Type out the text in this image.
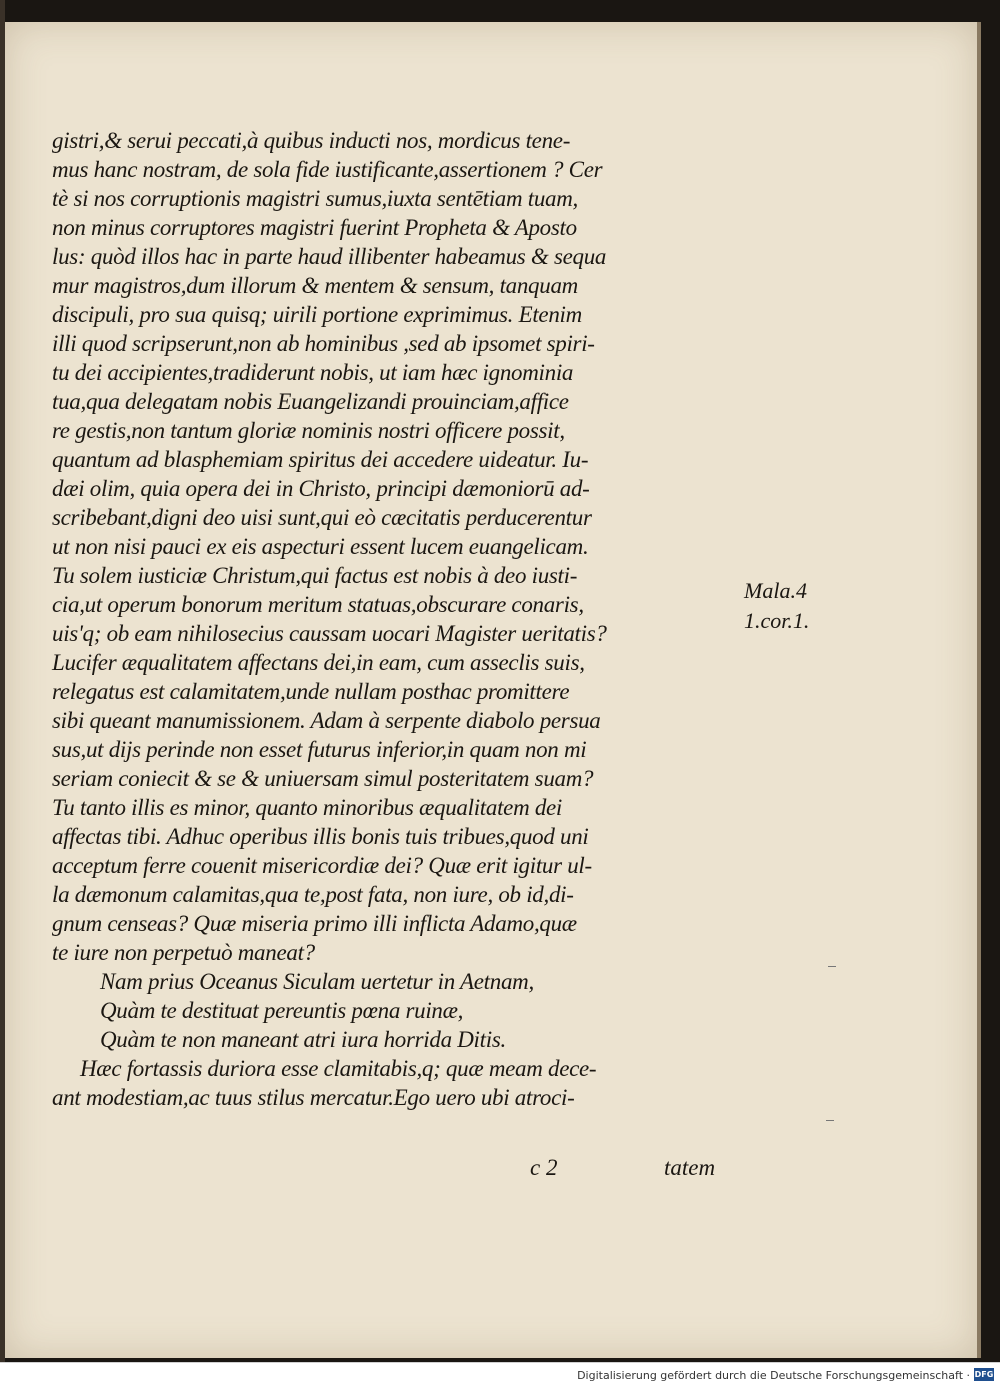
gistri,& serui peccati,à quibus inducti nos, mordicus tene-
mus hanc nostram, de sola fide iustificante,assertionem ? Cer
tè si nos corruptionis magistri sumus,iuxta sentētiam tuam,
non minus corruptores magistri fuerint Propheta & Aposto
lus: quòd illos hac in parte haud illibenter habeamus & sequa
mur magistros,dum illorum & mentem & sensum, tanquam
discipuli, pro sua quisq; uirili portione exprimimus. Etenim
illi quod scripserunt,non ab hominibus ,sed ab ipsomet spiri-
tu dei accipientes,tradiderunt nobis, ut iam hæc ignominia
tua,qua delegatam nobis Euangelizandi prouinciam,affice
re gestis,non tantum gloriæ nominis nostri officere possit,
quantum ad blasphemiam spiritus dei accedere uideatur. Iu-
dæi olim, quia opera dei in Christo, principi dæmoniorū ad-
scribebant,digni deo uisi sunt,qui eò cæcitatis perducerentur
ut non nisi pauci ex eis aspecturi essent lucem euangelicam.
Tu solem iusticiæ Christum,qui factus est nobis à deo iusti-
cia,ut operum bonorum meritum statuas,obscurare conaris,
uis'q; ob eam nihilosecius caussam uocari Magister ueritatis?
Lucifer æqualitatem affectans dei,in eam, cum asseclis suis,
relegatus est calamitatem,unde nullam posthac promittere
sibi queant manumissionem. Adam à serpente diabolo persua
sus,ut dijs perinde non esset futurus inferior,in quam non mi
seriam coniecit & se & uniuersam simul posteritatem suam?
Tu tanto illis es minor, quanto minoribus æqualitatem dei
affectas tibi. Adhuc operibus illis bonis tuis tribues,quod uni
acceptum ferre couenit misericordiæ dei? Quæ erit igitur ul-
la dæmonum calamitas,qua te,post fata, non iure, ob id,di-
gnum censeas? Quæ miseria primo illi inflicta Adamo,quæ
te iure non perpetuò maneat?
Nam prius Oceanus Siculam uertetur in Aetnam,
Quàm te destituat pereuntis pœna ruinæ,
Quàm te non maneant atri iura horrida Ditis.
Hæc fortassis duriora esse clamitabis,q; quæ meam dece-
ant modestiam,ac tuus stilus mercatur.Ego uero ubi atroci-
Mala.4
1.cor.1.
c 2	tatem
Digitalisierung gefördert durch die Deutsche Forschungsgemeinschaft · DFG
